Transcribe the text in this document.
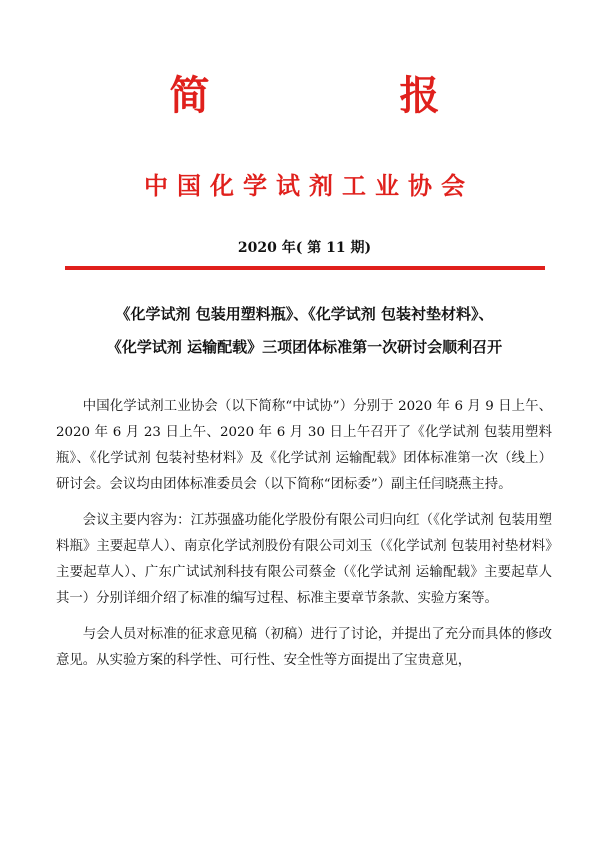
简 报
中国化学试剂工业协会
2020 年( 第 11 期)
《化学试剂 包装用塑料瓶》、《化学试剂 包装衬垫材料》、
《化学试剂 运输配载》三项团体标准第一次研讨会顺利召开

中国化学试剂工业协会（以下简称“中试协”）分别于 2020 年 6 月 9 日上午、2020 年 6 月 23 日上午、2020 年 6 月 30 日上午召开了《化学试剂 包装用塑料瓶》、《化学试剂 包装衬垫材料》及《化学试剂 运输配载》团体标准第一次（线上）研讨会。会议均由团体标准委员会（以下简称“团标委”）副主任闫晓燕主持。

会议主要内容为：江苏强盛功能化学股份有限公司归向红（《化学试剂 包装用塑料瓶》主要起草人）、南京化学试剂股份有限公司刘玉（《化学试剂 包装用衬垫材料》主要起草人）、广东广试试剂科技有限公司蔡金（《化学试剂 运输配载》主要起草人其一）分别详细介绍了标准的编写过程、标准主要章节条款、实验方案等。

与会人员对标准的征求意见稿（初稿）进行了讨论，并提出了充分而具体的修改意见。从实验方案的科学性、可行性、安全性等方面提出了宝贵意见，
